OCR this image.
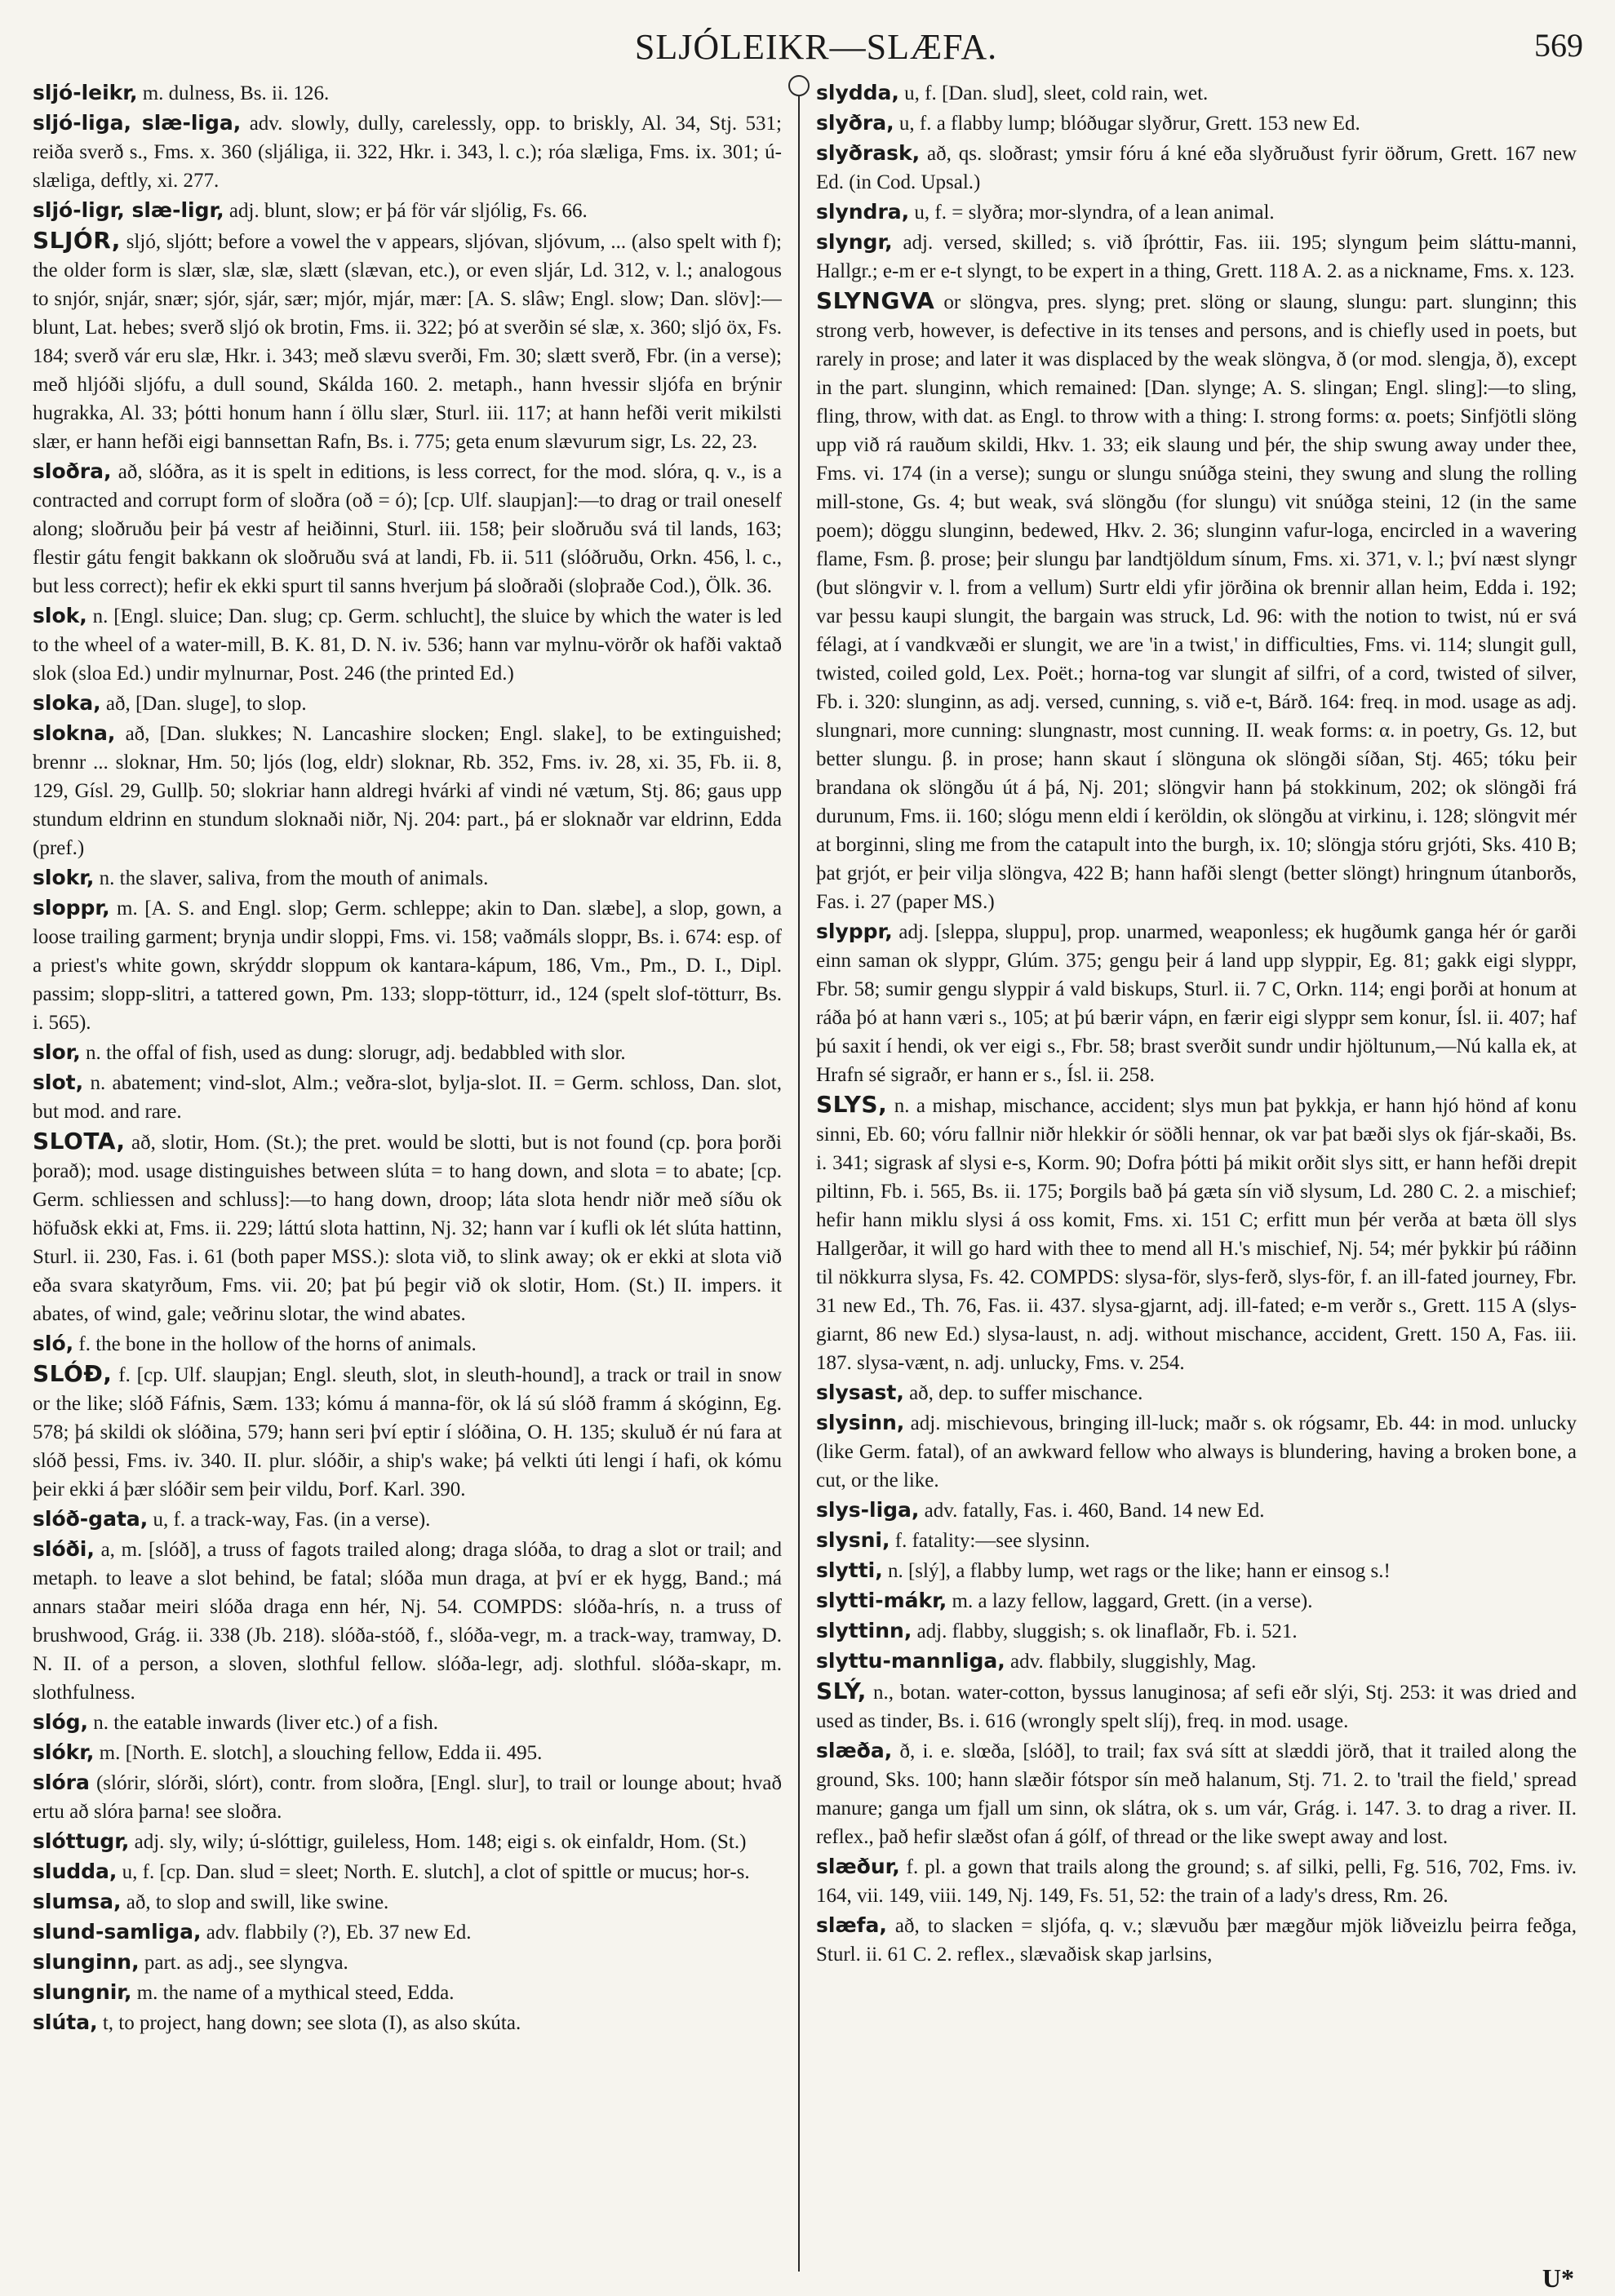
SLJÓLEIKR—SLÆFA.	569

sljó-leikr, m. dulness, Bs. ii. 126.

sljó-liga, slæ-liga, adv. slowly, dully, carelessly, opp. to briskly, Al. 34, Stj. 531; reiða sverð s., Fms. x. 360 (sljáliga, ii. 322, Hkr. i. 343, l. c.); róa slæliga, Fms. ix. 301; ú-slæliga, deftly, xi. 277.

sljó-ligr, slæ-ligr, adj. blunt, slow; er þá för vár sljólig, Fs. 66.

SLJÓR, sljó, sljótt; before a vowel the v appears, sljóvan, sljóvum, ... (also spelt with f); the older form is slær, slæ, slæ, slætt (slævan, etc.), or even sljár, Ld. 312, v. l.; analogous to snjór, snjár, snær; sjór, sjár, sær; mjór, mjár, mær: [A. S. slâw; Engl. slow; Dan. slöv]:—blunt, Lat. hebes; sverð sljó ok brotin, Fms. ii. 322; þó at sverðin sé slæ, x. 360; sljó öx, Fs. 184; sverð vár eru slæ, Hkr. i. 343; með slævu sverði, Fm. 30; slætt sverð, Fbr. (in a verse); með hljóði sljófu, a dull sound, Skálda 160. 2. metaph., hann hvessir sljófa en brýnir hugrakka, Al. 33; þótti honum hann í öllu slær, Sturl. iii. 117; at hann hefði verit mikilsti slær, er hann hefði eigi bannsettan Rafn, Bs. i. 775; geta enum slævurum sigr, Ls. 22, 23.

sloðra, að, slóðra, as it is spelt in editions, is less correct, for the mod. slóra, q. v., is a contracted and corrupt form of sloðra (oð = ó); [cp. Ulf. slaupjan]:—to drag or trail oneself along; sloðruðu þeir þá vestr af heiðinni, Sturl. iii. 158; þeir sloðruðu svá til lands, 163; flestir gátu fengit bakkann ok sloðruðu svá at landi, Fb. ii. 511 (slóðruðu, Orkn. 456, l. c., but less correct); hefir ek ekki spurt til sanns hverjum þá sloðraði (sloþraðe Cod.), Ölk. 36.

slok, n. [Engl. sluice; Dan. slug; cp. Germ. schlucht], the sluice by which the water is led to the wheel of a water-mill, B. K. 81, D. N. iv. 536; hann var mylnu-vörðr ok hafði vaktað slok (sloa Ed.) undir mylnurnar, Post. 246 (the printed Ed.)

sloka, að, [Dan. sluge], to slop.

slokna, að, [Dan. slukkes; N. Lancashire slocken; Engl. slake], to be extinguished; brennr ... sloknar, Hm. 50; ljós (log, eldr) sloknar, Rb. 352, Fms. iv. 28, xi. 35, Fb. ii. 8, 129, Gísl. 29, Gullþ. 50; slokriar hann aldregi hvárki af vindi né vætum, Stj. 86; gaus upp stundum eldrinn en stundum sloknaði niðr, Nj. 204: part., þá er sloknaðr var eldrinn, Edda (pref.)

slokr, n. the slaver, saliva, from the mouth of animals.

sloppr, m. [A. S. and Engl. slop; Germ. schleppe; akin to Dan. slæbe], a slop, gown, a loose trailing garment; brynja undir sloppi, Fms. vi. 158; vaðmáls sloppr, Bs. i. 674: esp. of a priest's white gown, skrýddr sloppum ok kantara-kápum, 186, Vm., Pm., D. I., Dipl. passim; slopp-slitri, a tattered gown, Pm. 133; slopp-tötturr, id., 124 (spelt slof-tötturr, Bs. i. 565).

slor, n. the offal of fish, used as dung: slorugr, adj. bedabbled with slor.

slot, n. abatement; vind-slot, Alm.; veðra-slot, bylja-slot. II. = Germ. schloss, Dan. slot, but mod. and rare.

SLOTA, að, slotir, Hom. (St.); the pret. would be slotti, but is not found (cp. þora þorði þorað); mod. usage distinguishes between slúta = to hang down, and slota = to abate; [cp. Germ. schliessen and schluss]:—to hang down, droop; láta slota hendr niðr með síðu ok höfuðsk ekki at, Fms. ii. 229; láttú slota hattinn, Nj. 32; hann var í kufli ok lét slúta hattinn, Sturl. ii. 230, Fas. i. 61 (both paper MSS.): slota við, to slink away; ok er ekki at slota við eða svara skatyrðum, Fms. vii. 20; þat þú þegir við ok slotir, Hom. (St.) II. impers. it abates, of wind, gale; veðrinu slotar, the wind abates.

sló, f. the bone in the hollow of the horns of animals.

SLÓÐ, f. [cp. Ulf. slaupjan; Engl. sleuth, slot, in sleuth-hound], a track or trail in snow or the like; slóð Fáfnis, Sæm. 133; kómu á manna-för, ok lá sú slóð framm á skóginn, Eg. 578; þá skildi ok slóðina, 579; hann seri því eptir í slóðina, O. H. 135; skuluð ér nú fara at slóð þessi, Fms. iv. 340. II. plur. slóðir, a ship's wake; þá velkti úti lengi í hafi, ok kómu þeir ekki á þær slóðir sem þeir vildu, Þorf. Karl. 390.

slóð-gata, u, f. a track-way, Fas. (in a verse).

slóði, a, m. [slóð], a truss of fagots trailed along; draga slóða, to drag a slot or trail; and metaph. to leave a slot behind, be fatal; slóða mun draga, at því er ek hygg, Band.; má annars staðar meiri slóða draga enn hér, Nj. 54. COMPDS: slóða-hrís, n. a truss of brushwood, Grág. ii. 338 (Jb. 218). slóða-stóð, f., slóða-vegr, m. a track-way, tramway, D. N. II. of a person, a sloven, slothful fellow. slóða-legr, adj. slothful. slóða-skapr, m. slothfulness.

slóg, n. the eatable inwards (liver etc.) of a fish.

slókr, m. [North. E. slotch], a slouching fellow, Edda ii. 495.

slóra (slórir, slórði, slórt), contr. from sloðra, [Engl. slur], to trail or lounge about; hvað ertu að slóra þarna! see sloðra.

slóttugr, adj. sly, wily; ú-slóttigr, guileless, Hom. 148; eigi s. ok einfaldr, Hom. (St.)

sludda, u, f. [cp. Dan. slud = sleet; North. E. slutch], a clot of spittle or mucus; hor-s.

slumsa, að, to slop and swill, like swine.

slund-samliga, adv. flabbily (?), Eb. 37 new Ed.

slunginn, part. as adj., see slyngva.

slungnir, m. the name of a mythical steed, Edda.

slúta, t, to project, hang down; see slota (I), as also skúta.

slydda, u, f. [Dan. slud], sleet, cold rain, wet.

slyðra, u, f. a flabby lump; blóðugar slyðrur, Grett. 153 new Ed.

slyðrask, að, qs. sloðrast; ymsir fóru á kné eða slyðruðust fyrir öðrum, Grett. 167 new Ed. (in Cod. Upsal.)

slyndra, u, f. = slyðra; mor-slyndra, of a lean animal.

slyngr, adj. versed, skilled; s. við íþróttir, Fas. iii. 195; slyngum þeim sláttu-manni, Hallgr.; e-m er e-t slyngt, to be expert in a thing, Grett. 118 A. 2. as a nickname, Fms. x. 123.

SLYNGVA or slöngva, pres. slyng; pret. slöng or slaung, slungu: part. slunginn; this strong verb, however, is defective in its tenses and persons, and is chiefly used in poets, but rarely in prose; and later it was displaced by the weak slöngva, ð (or mod. slengja, ð), except in the part. slunginn, which remained: [Dan. slynge; A. S. slingan; Engl. sling]:—to sling, fling, throw, with dat. as Engl. to throw with a thing: I. strong forms: α. poets; Sinfjötli slöng upp við rá rauðum skildi, Hkv. 1. 33; eik slaung und þér, the ship swung away under thee, Fms. vi. 174 (in a verse); sungu or slungu snúðga steini, they swung and slung the rolling mill-stone, Gs. 4; but weak, svá slöngðu (for slungu) vit snúðga steini, 12 (in the same poem); döggu slunginn, bedewed, Hkv. 2. 36; slunginn vafur-loga, encircled in a wavering flame, Fsm. β. prose; þeir slungu þar landtjöldum sínum, Fms. xi. 371, v. l.; því næst slyngr (but slöngvir v. l. from a vellum) Surtr eldi yfir jörðina ok brennir allan heim, Edda i. 192; var þessu kaupi slungit, the bargain was struck, Ld. 96: with the notion to twist, nú er svá félagi, at í vandkvæði er slungit, we are 'in a twist,' in difficulties, Fms. vi. 114; slungit gull, twisted, coiled gold, Lex. Poët.; horna-tog var slungit af silfri, of a cord, twisted of silver, Fb. i. 320: slunginn, as adj. versed, cunning, s. við e-t, Bárð. 164: freq. in mod. usage as adj. slungnari, more cunning: slungnastr, most cunning. II. weak forms: α. in poetry, Gs. 12, but better slungu. β. in prose; hann skaut í slöngunа ok slöngði síðan, Stj. 465; tóku þeir brandana ok slöngðu út á þá, Nj. 201; slöngvir hann þá stokkinum, 202; ok slöngði frá durunum, Fms. ii. 160; slógu menn eldi í keröldin, ok slöngðu at virkinu, i. 128; slöngvit mér at borginni, sling me from the catapult into the burgh, ix. 10; slöngja stóru grjóti, Sks. 410 B; þat grjót, er þeir vilja slöngva, 422 B; hann hafði slengt (better slöngt) hringnum útanborðs, Fas. i. 27 (paper MS.)

slyppr, adj. [sleppa, sluppu], prop. unarmed, weaponless; ek hugðumk ganga hér ór garði einn saman ok slyppr, Glúm. 375; gengu þeir á land upp slyppir, Eg. 81; gakk eigi slyppr, Fbr. 58; sumir gengu slyppir á vald biskups, Sturl. ii. 7 C, Orkn. 114; engi þorði at honum at ráða þó at hann væri s., 105; at þú bærir vápn, en færir eigi slyppr sem konur, Ísl. ii. 407; haf þú saxit í hendi, ok ver eigi s., Fbr. 58; brast sverðit sundr undir hjöltunum,—Nú kalla ek, at Hrafn sé sigraðr, er hann er s., Ísl. ii. 258.

SLYS, n. a mishap, mischance, accident; slys mun þat þykkja, er hann hjó hönd af konu sinni, Eb. 60; vóru fallnir niðr hlekkir ór söðli hennar, ok var þat bæði slys ok fjár-skaði, Bs. i. 341; sigrask af slysi e-s, Korm. 90; Dofra þótti þá mikit orðit slys sitt, er hann hefði drepit piltinn, Fb. i. 565, Bs. ii. 175; Þorgils bað þá gæta sín við slysum, Ld. 280 C. 2. a mischief; hefir hann miklu slysi á oss komit, Fms. xi. 151 C; erfitt mun þér verða at bæta öll slys Hallgerðar, it will go hard with thee to mend all H.'s mischief, Nj. 54; mér þykkir þú ráðinn til nökkurra slysa, Fs. 42. COMPDS: slysa-för, slys-ferð, slys-för, f. an ill-fated journey, Fbr. 31 new Ed., Th. 76, Fas. ii. 437. slysa-gjarnt, adj. ill-fated; e-m verðr s., Grett. 115 A (slys-giarnt, 86 new Ed.) slysa-laust, n. adj. without mischance, accident, Grett. 150 A, Fas. iii. 187. slysa-vænt, n. adj. unlucky, Fms. v. 254.

slysast, að, dep. to suffer mischance.

slysinn, adj. mischievous, bringing ill-luck; maðr s. ok rógsamr, Eb. 44: in mod. unlucky (like Germ. fatal), of an awkward fellow who always is blundering, having a broken bone, a cut, or the like.

slys-liga, adv. fatally, Fas. i. 460, Band. 14 new Ed.

slysni, f. fatality:—see slysinn.

slytti, n. [slý], a flabby lump, wet rags or the like; hann er einsog s.!

slytti-mákr, m. a lazy fellow, laggard, Grett. (in a verse).

slyttinn, adj. flabby, sluggish; s. ok linaflaðr, Fb. i. 521.

slyttu-mannliga, adv. flabbily, sluggishly, Mag.

SLÝ, n., botan. water-cotton, byssus lanuginosa; af sefi eðr slýi, Stj. 253: it was dried and used as tinder, Bs. i. 616 (wrongly spelt slíj), freq. in mod. usage.

slæða, ð, i. e. slœða, [slóð], to trail; fax svá sítt at slæddi jörð, that it trailed along the ground, Sks. 100; hann slæðir fótspor sín með halanum, Stj. 71. 2. to 'trail the field,' spread manure; ganga um fjall um sinn, ok slátra, ok s. um vár, Grág. i. 147. 3. to drag a river. II. reflex., það hefir slæðst ofan á gólf, of thread or the like swept away and lost.

slæður, f. pl. a gown that trails along the ground; s. af silki, pelli, Fg. 516, 702, Fms. iv. 164, vii. 149, viii. 149, Nj. 149, Fs. 51, 52: the train of a lady's dress, Rm. 26.

slæfa, að, to slacken = sljófa, q. v.; slævuðu þær mægður mjök liðveizlu þeirra feðga, Sturl. ii. 61 C. 2. reflex., slævaðisk skap jarlsins,

U*
